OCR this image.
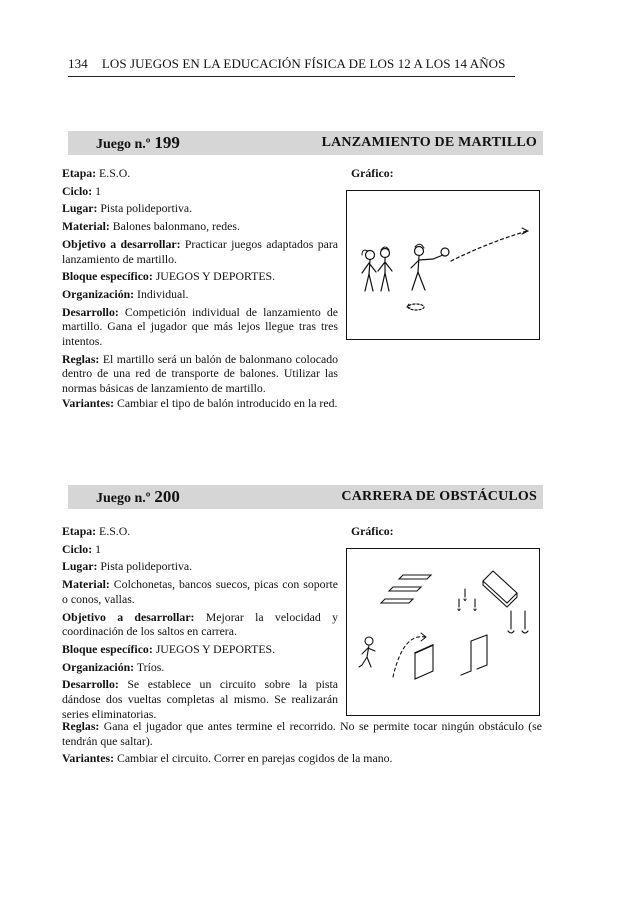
134 LOS JUEGOS EN LA EDUCACIÓN FÍSICA DE LOS 12 A LOS 14 AÑOS
Juego n.º 199	LANZAMIENTO DE MARTILLO
Gráfico:

Etapa: E.S.O.

Ciclo: 1

Lugar: Pista polideportiva.

Material: Balones balonmano, redes.

Objetivo a desarrollar: Practicar juegos adaptados para lanzamiento de martillo.

Bloque específico: JUEGOS Y DEPORTES.

Organización: Individual.

Desarrollo: Competición individual de lanzamiento de martillo. Gana el jugador que más lejos llegue tras tres intentos.

Reglas: El martillo será un balón de balonmano colocado dentro de una red de transporte de balones. Utilizar las normas básicas de lanzamiento de martillo.

Variantes: Cambiar el tipo de balón introducido en la red.

Juego n.º 200	CARRERA DE OBSTÁCULOS
Gráfico:

Etapa: E.S.O.

Ciclo: 1

Lugar: Pista polideportiva.

Material: Colchonetas, bancos suecos, picas con soporte o conos, vallas.

Objetivo a desarrollar: Mejorar la velocidad y coordinación de los saltos en carrera.

Bloque específico: JUEGOS Y DEPORTES.

Organización: Tríos.

Desarrollo: Se establece un circuito sobre la pista dándose dos vueltas completas al mismo. Se realizarán series eliminatorias.

Reglas: Gana el jugador que antes termine el recorrido. No se permite tocar ningún obstáculo (se tendrán que saltar).

Variantes: Cambiar el circuito. Correr en parejas cogidos de la mano.
